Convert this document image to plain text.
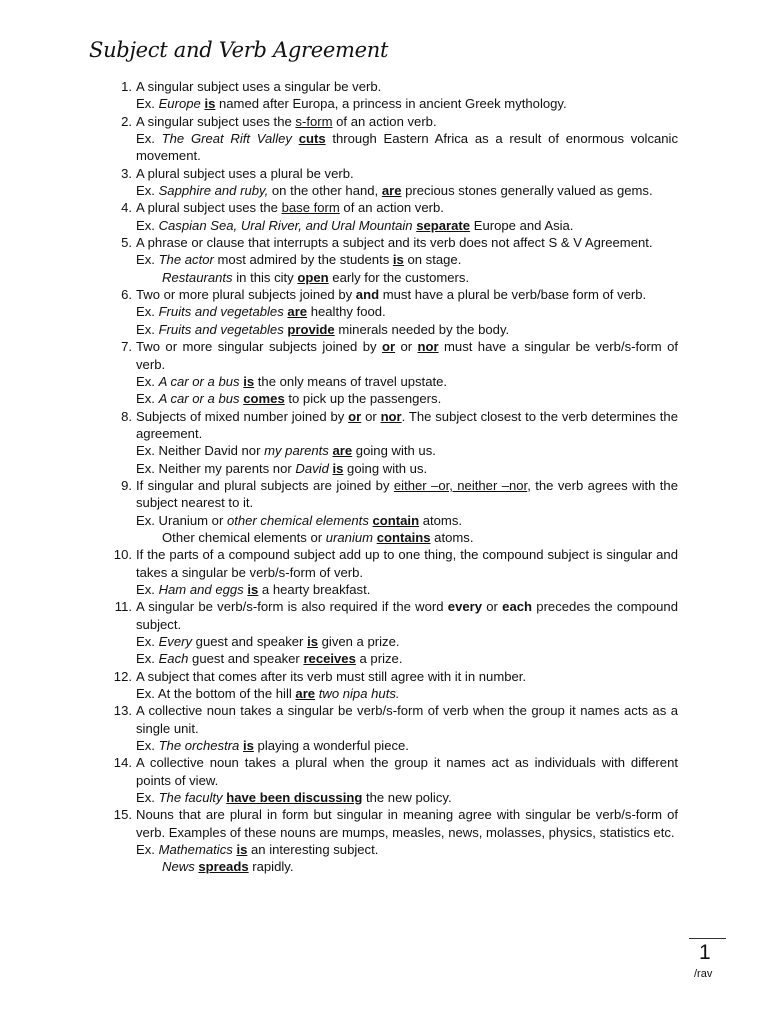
Subject and Verb Agreement
1. A singular subject uses a singular be verb.
Ex. Europe is named after Europa, a princess in ancient Greek mythology.
2. A singular subject uses the s-form of an action verb.
Ex. The Great Rift Valley cuts through Eastern Africa as a result of enormous volcanic movement.
3. A plural subject uses a plural be verb.
Ex. Sapphire and ruby, on the other hand, are precious stones generally valued as gems.
4. A plural subject uses the base form of an action verb.
Ex. Caspian Sea, Ural River, and Ural Mountain separate Europe and Asia.
5. A phrase or clause that interrupts a subject and its verb does not affect S & V Agreement.
Ex. The actor most admired by the students is on stage.
Restaurants in this city open early for the customers.
6. Two or more plural subjects joined by and must have a plural be verb/base form of verb.
Ex. Fruits and vegetables are healthy food.
Ex. Fruits and vegetables provide minerals needed by the body.
7. Two or more singular subjects joined by or or nor must have a singular be verb/s-form of verb.
Ex. A car or a bus is the only means of travel upstate.
Ex. A car or a bus comes to pick up the passengers.
8. Subjects of mixed number joined by or or nor. The subject closest to the verb determines the agreement.
Ex. Neither David nor my parents are going with us.
Ex. Neither my parents nor David is going with us.
9. If singular and plural subjects are joined by either –or, neither –nor, the verb agrees with the subject nearest to it.
Ex. Uranium or other chemical elements contain atoms.
Other chemical elements or uranium contains atoms.
10. If the parts of a compound subject add up to one thing, the compound subject is singular and takes a singular be verb/s-form of verb.
Ex. Ham and eggs is a hearty breakfast.
11. A singular be verb/s-form is also required if the word every or each precedes the compound subject.
Ex. Every guest and speaker is given a prize.
Ex. Each guest and speaker receives a prize.
12. A subject that comes after its verb must still agree with it in number.
Ex. At the bottom of the hill are two nipa huts.
13. A collective noun takes a singular be verb/s-form of verb when the group it names acts as a single unit.
Ex. The orchestra is playing a wonderful piece.
14. A collective noun takes a plural when the group it names act as individuals with different points of view.
Ex. The faculty have been discussing the new policy.
15. Nouns that are plural in form but singular in meaning agree with singular be verb/s-form of verb. Examples of these nouns are mumps, measles, news, molasses, physics, statistics etc.
Ex. Mathematics is an interesting subject.
News spreads rapidly.
1
/rav
